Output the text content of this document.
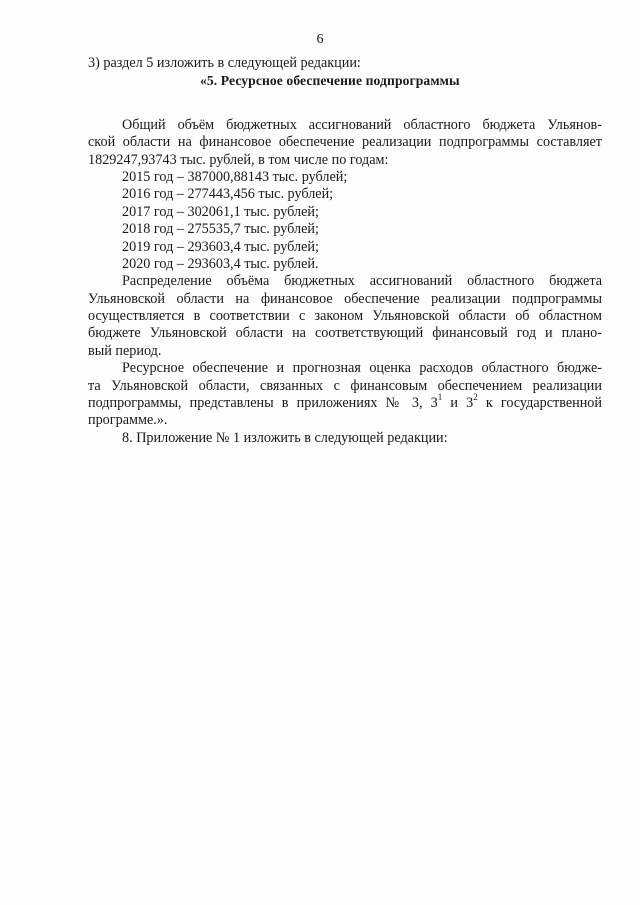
6
3) раздел 5 изложить в следующей редакции:
«5. Ресурсное обеспечение подпрограммы
Общий объём бюджетных ассигнований областного бюджета Ульянов-
ской области на финансовое обеспечение реализации подпрограммы составляет
1829247,93743 тыс. рублей, в том числе по годам:
2015 год – 387000,88143 тыс. рублей;
2016 год – 277443,456 тыс. рублей;
2017 год – 302061,1 тыс. рублей;
2018 год – 275535,7 тыс. рублей;
2019 год – 293603,4 тыс. рублей;
2020 год – 293603,4 тыс. рублей.
Распределение объёма бюджетных ассигнований областного бюджета
Ульяновской области на финансовое обеспечение реализации подпрограммы
осуществляется в соответствии с законом Ульяновской области об областном
бюджете Ульяновской области на соответствующий финансовый год и плано-
вый период.
Ресурсное обеспечение и прогнозная оценка расходов областного бюдже-
та Ульяновской области, связанных с финансовым обеспечением реализации
подпрограммы, представлены в приложениях № 3, $3^1$ и $3^2$ к государственной
программе.».
8. Приложение № 1 изложить в следующей редакции:
